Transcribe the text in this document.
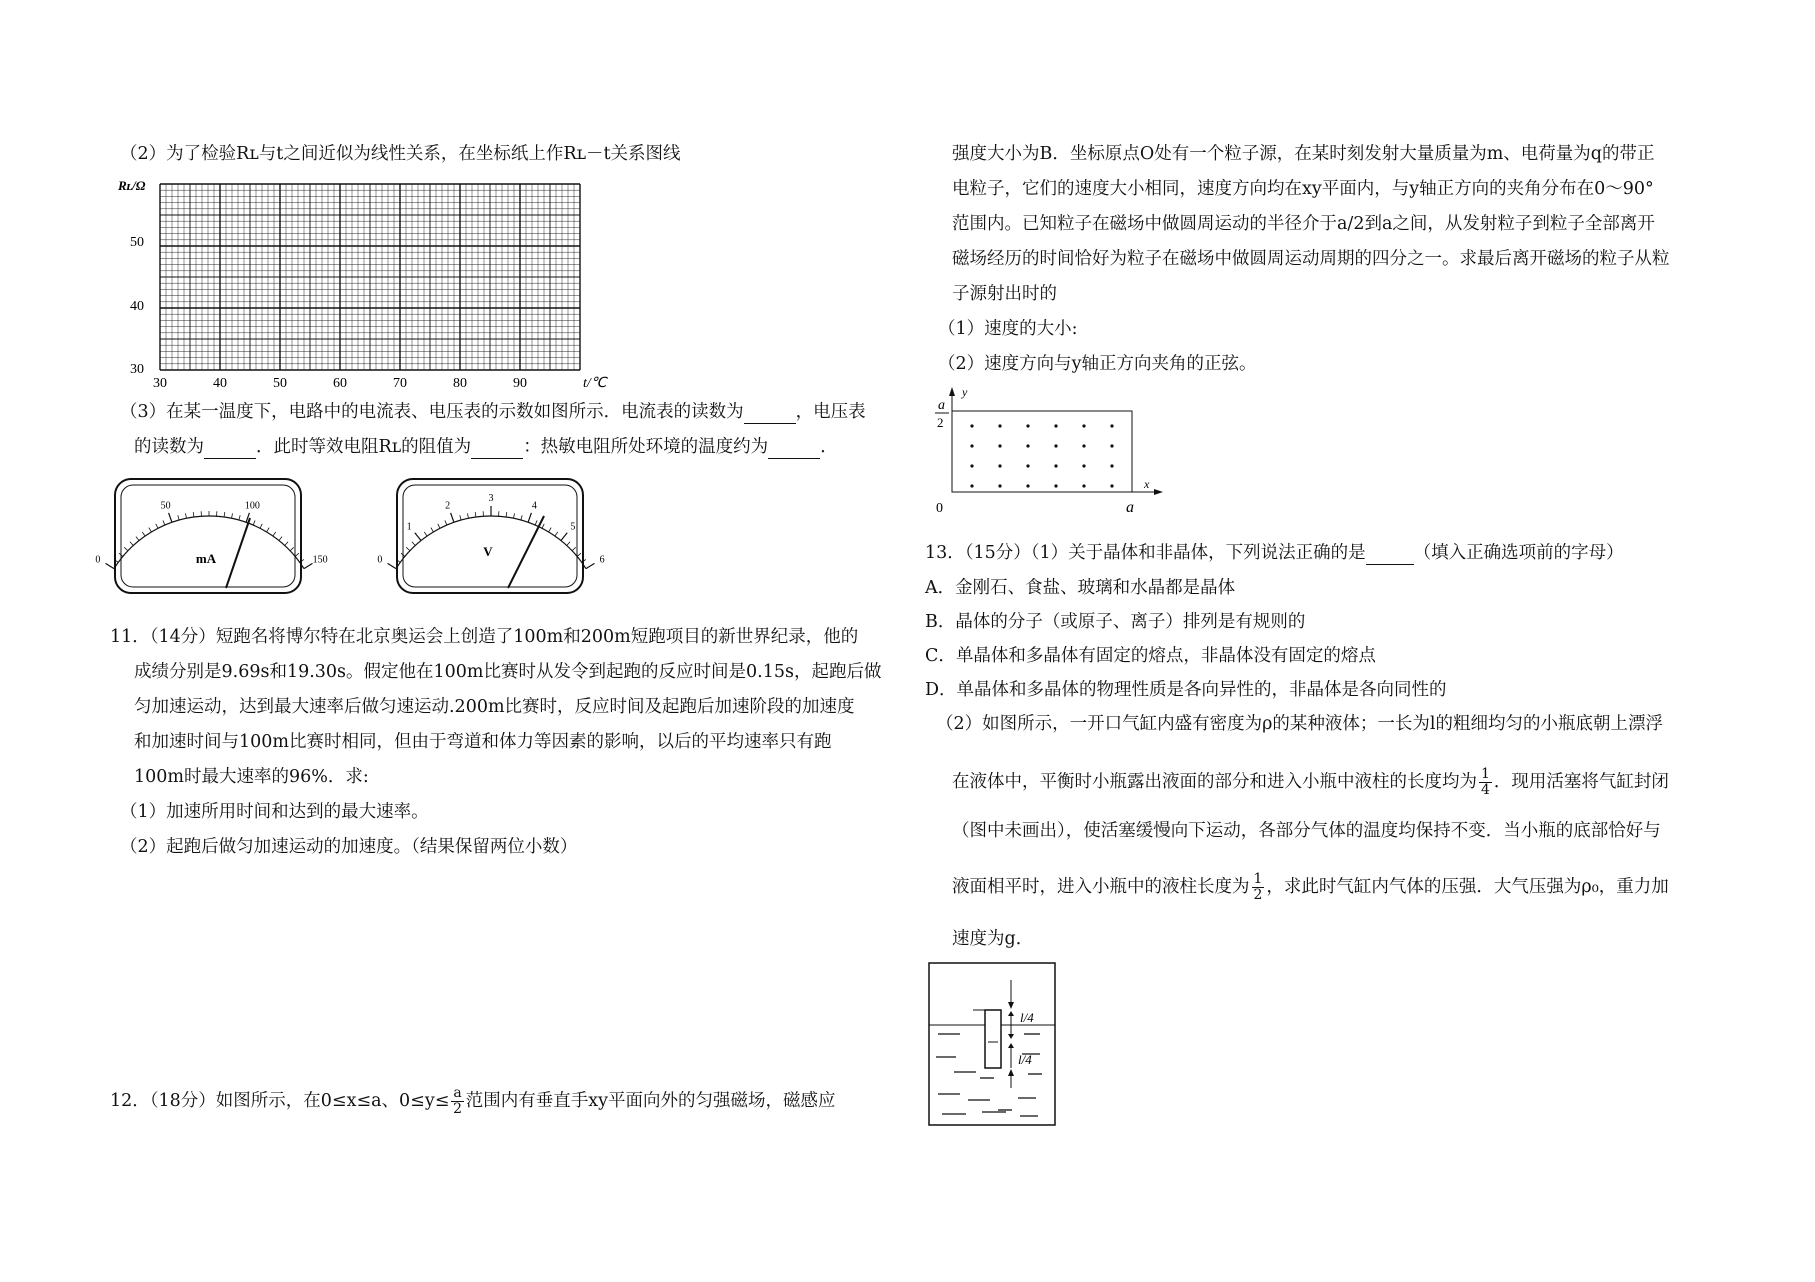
（2）为了检验Rʟ与t之间近似为线性关系，在坐标纸上作Rʟ－t关系图线
Rʟ/Ω
50
40
30
30	40	50	60	70	80	90	t/℃
（3）在某一温度下，电路中的电流表、电压表的示数如图所示．电流表的读数为	，电压表
的读数为	．此时等效电阻Rʟ的阻值为	：热敏电阻所处环境的温度约为	．
0
50	100
150
mA	0
1
2
3
4
5
6
V
11．（14分）短跑名将博尔特在北京奥运会上创造了100m和200m短跑项目的新世界纪录，他的
成绩分别是9.69s和19.30s。假定他在100m比赛时从发令到起跑的反应时间是0.15s，起跑后做
匀加速运动，达到最大速率后做匀速运动.200m比赛时，反应时间及起跑后加速阶段的加速度
和加速时间与100m比赛时相同，但由于弯道和体力等因素的影响，以后的平均速率只有跑
100m时最大速率的96%．求:
（1）加速所用时间和达到的最大速率。
（2）起跑后做匀加速运动的加速度。（结果保留两位小数）
12．（18分）如图所示，在0≤x≤a、$0\le y\le \frac{a}{2}$ 范围内有垂直手xy平面向外的匀强磁场，磁感应
强度大小为B．坐标原点O处有一个粒子源，在某时刻发射大量质量为m、电荷量为q的带正
电粒子，它们的速度大小相同，速度方向均在xy平面内，与y轴正方向的夹角分布在0～90°
范围内。已知粒子在磁场中做圆周运动的半径介于a/2到a之间，从发射粒子到粒子全部离开
磁场经历的时间恰好为粒子在磁场中做圆周运动周期的四分之一。求最后离开磁场的粒子从粒
子源射出时的
（1）速度的大小:
（2）速度方向与y轴正方向夹角的正弦。
y
x
0	a
a
2
13．（15分）（1）关于晶体和非晶体，下列说法正确的是	（填入正确选项前的字母）
A．金刚石、食盐、玻璃和水晶都是晶体
B．晶体的分子（或原子、离子）排列是有规则的
C．单晶体和多晶体有固定的熔点，非晶体没有固定的熔点
D．单晶体和多晶体的物理性质是各向异性的，非晶体是各向同性的
（2）如图所示，一开口气缸内盛有密度为ρ的某种液体；一长为l的粗细均匀的小瓶底朝上漂浮
在液体中，平衡时小瓶露出液面的部分和进入小瓶中液柱的长度均为 $\frac{1}{4}$ ．现用活塞将气缸封闭
（图中未画出），使活塞缓慢向下运动，各部分气体的温度均保持不变．当小瓶的底部恰好与
液面相平时，进入小瓶中的液柱长度为 $\frac{1}{2}$ ，求此时气缸内气体的压强．大气压强为ρ₀，重力加
速度为g．
l/4
l/4
